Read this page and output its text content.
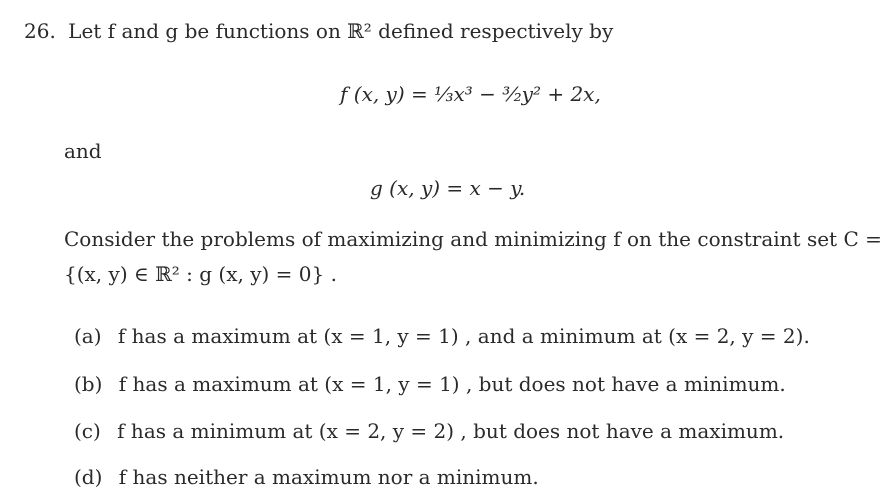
26. Let f and g be functions on ℝ² defined respectively by
f (x, y) = ⅓x³ − ³⁄₂y² + 2x,
and
g (x, y) = x − y.
Consider the problems of maximizing and minimizing f on the constraint set C =
{(x, y) ∈ ℝ² : g (x, y) = 0} .
(a) f has a maximum at (x = 1, y = 1) , and a minimum at (x = 2, y = 2).
(b) f has a maximum at (x = 1, y = 1) , but does not have a minimum.
(c) f has a minimum at (x = 2, y = 2) , but does not have a maximum.
(d) f has neither a maximum nor a minimum.
